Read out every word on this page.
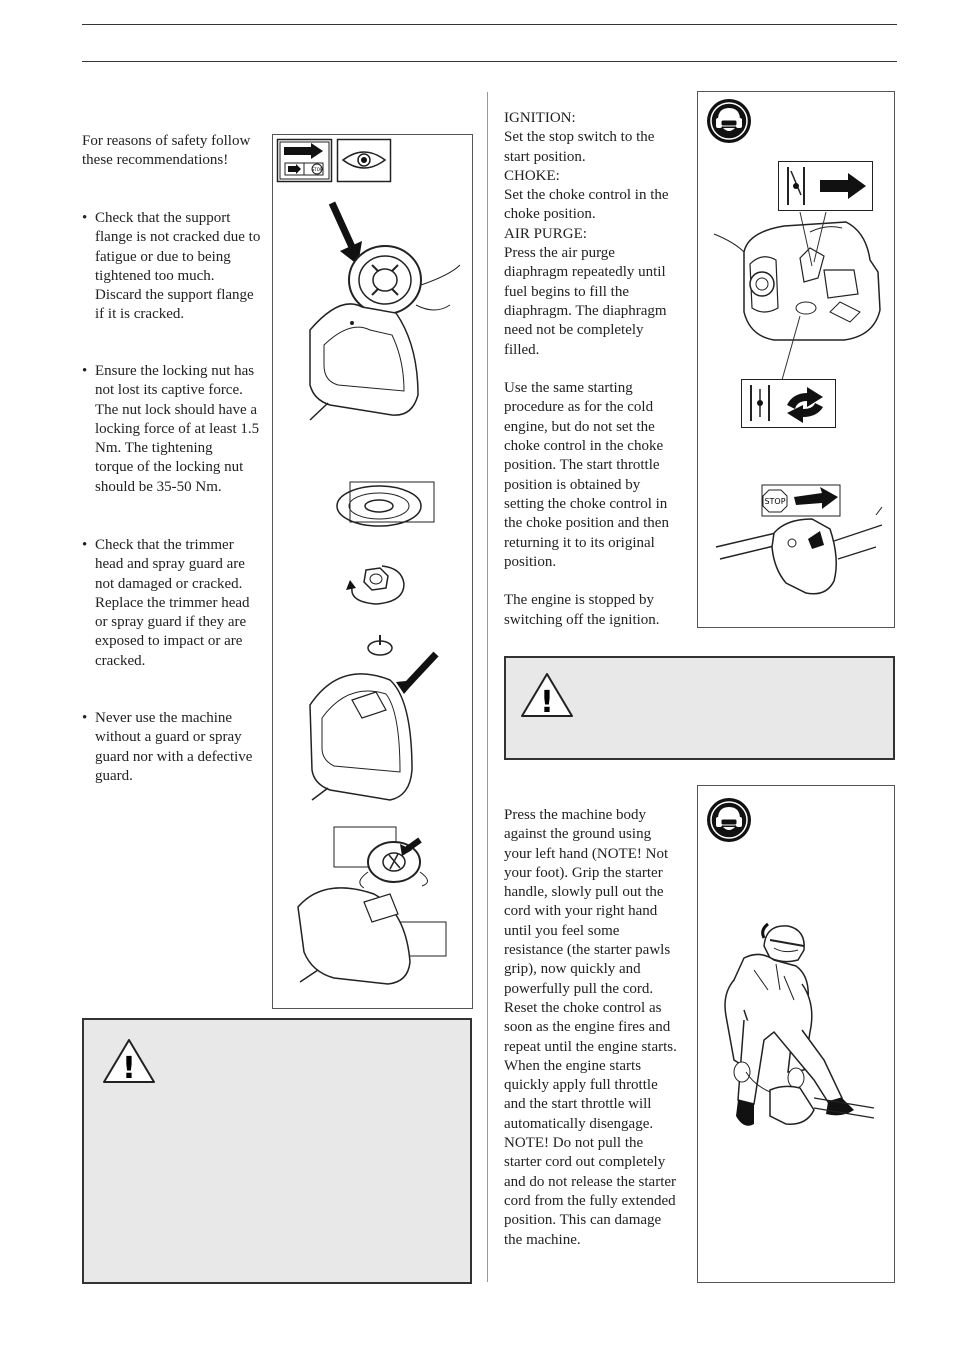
For reasons of safety follow
these recommendations!
• Check that the support
flange is not cracked due to
fatigue or due to being
tightened too much.
Discard the support flange
if it is cracked.
• Ensure the locking nut has
not lost its captive force.
The nut lock should have a
locking force of at least 1.5
Nm. The tightening
torque of the locking nut
should be 35-50 Nm.
• Check that the trimmer
head and spray guard are
not damaged or cracked.
Replace the trimmer head
or spray guard if they are
exposed to impact or are
cracked.
• Never use the machine
without a guard or spray
guard nor with a defective
guard.
STOP
!
IGNITION:
Set the stop switch to the
start position.
CHOKE:
Set the choke control in the
choke position.
AIR PURGE:
Press the air purge
diaphragm repeatedly until
fuel begins to fill the
diaphragm. The diaphragm
need not be completely
filled.
Use the same starting
procedure as for the cold
engine, but do not set the
choke control in the choke
position. The start throttle
position is obtained by
setting the choke control in
the choke position and then
returning it to its original
position.
The engine is stopped by
switching off the ignition.
STOP
!
Press the machine body
against the ground using
your left hand (NOTE! Not
your foot). Grip the starter
handle, slowly pull out the
cord with your right hand
until you feel some
resistance (the starter pawls
grip), now quickly and
powerfully pull the cord.
Reset the choke control as
soon as the engine fires and
repeat until the engine starts.
When the engine starts
quickly apply full throttle
and the start throttle will
automatically disengage.
NOTE! Do not pull the
starter cord out completely
and do not release the starter
cord from the fully extended
position. This can damage
the machine.
